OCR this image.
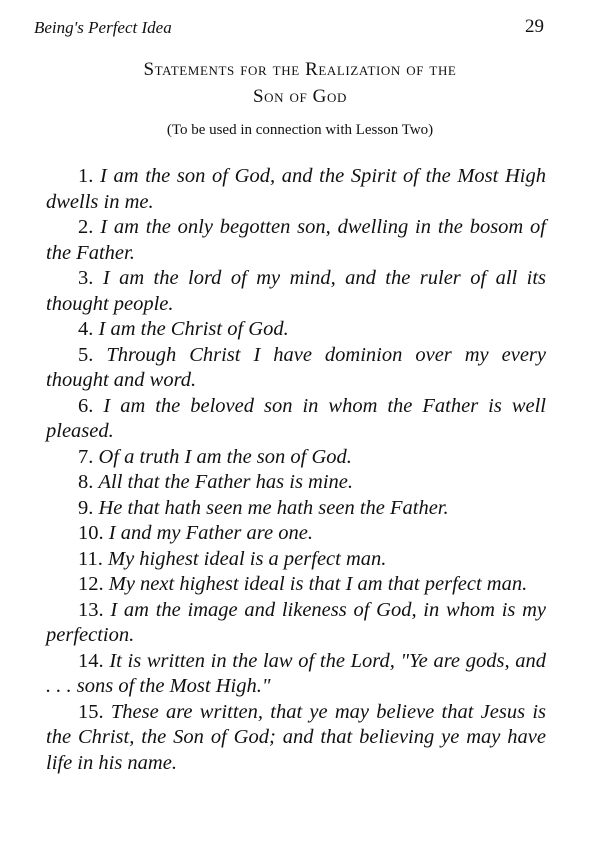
Being's Perfect Idea	29
Statements for the Realization of the
Son of God
(To be used in connection with Lesson Two)
1. I am the son of God, and the Spirit of the Most High dwells in me.
2. I am the only begotten son, dwelling in the bosom of the Father.
3. I am the lord of my mind, and the ruler of all its thought people.
4. I am the Christ of God.
5. Through Christ I have dominion over my every thought and word.
6. I am the beloved son in whom the Father is well pleased.
7. Of a truth I am the son of God.
8. All that the Father has is mine.
9. He that hath seen me hath seen the Father.
10. I and my Father are one.
11. My highest ideal is a perfect man.
12. My next highest ideal is that I am that perfect man.
13. I am the image and likeness of God, in whom is my perfection.
14. It is written in the law of the Lord, "Ye are gods, and . . . sons of the Most High."
15. These are written, that ye may believe that Jesus is the Christ, the Son of God; and that believing ye may have life in his name.
